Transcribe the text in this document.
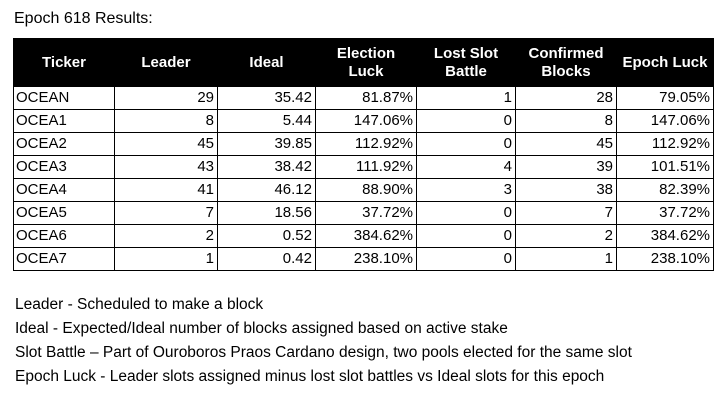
Epoch 618 Results:
Ticker	Leader	Ideal	Election Luck	Lost Slot Battle	Confirmed Blocks	Epoch Luck
OCEAN	29	35.42	81.87%	1	28	79.05%
OCEA1	8	5.44	147.06%	0	8	147.06%
OCEA2	45	39.85	112.92%	0	45	112.92%
OCEA3	43	38.42	111.92%	4	39	101.51%
OCEA4	41	46.12	88.90%	3	38	82.39%
OCEA5	7	18.56	37.72%	0	7	37.72%
OCEA6	2	0.52	384.62%	0	2	384.62%
OCEA7	1	0.42	238.10%	0	1	238.10%
Leader - Scheduled to make a block
Ideal - Expected/Ideal number of blocks assigned based on active stake
Slot Battle – Part of Ouroboros Praos Cardano design, two pools elected for the same slot
Epoch Luck - Leader slots assigned minus lost slot battles vs Ideal slots for this epoch
